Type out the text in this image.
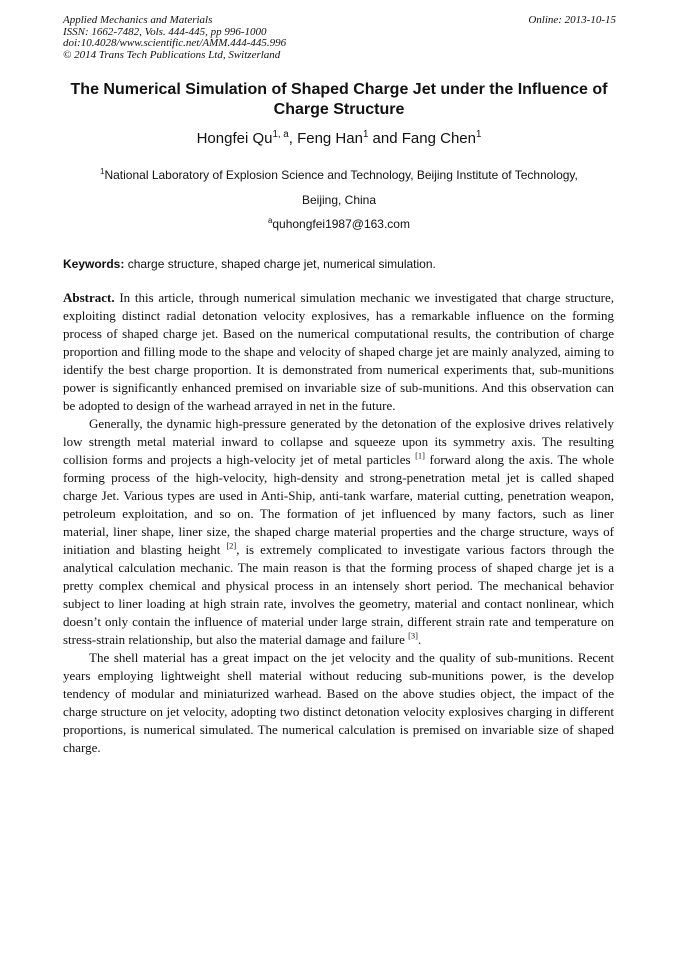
Applied Mechanics and Materials
ISSN: 1662-7482, Vols. 444-445, pp 996-1000
doi:10.4028/www.scientific.net/AMM.444-445.996
© 2014 Trans Tech Publications Ltd, Switzerland
Online: 2013-10-15
The Numerical Simulation of Shaped Charge Jet under the Influence of Charge Structure
Hongfei Qu$^{1, a}$, Feng Han$^1$ and Fang Chen$^1$
$^1$National Laboratory of Explosion Science and Technology, Beijing Institute of Technology,
Beijing, China
$^a$quhongfei1987@163.com
Keywords: charge structure, shaped charge jet, numerical simulation.

Abstract. In this article, through numerical simulation mechanic we investigated that charge structure, exploiting distinct radial detonation velocity explosives, has a remarkable influence on the forming process of shaped charge jet. Based on the numerical computational results, the contribution of charge proportion and filling mode to the shape and velocity of shaped charge jet are mainly analyzed, aiming to identify the best charge proportion. It is demonstrated from numerical experiments that, sub-munitions power is significantly enhanced premised on invariable size of sub-munitions. And this observation can be adopted to design of the warhead arrayed in net in the future.

Generally, the dynamic high-pressure generated by the detonation of the explosive drives relatively low strength metal material inward to collapse and squeeze upon its symmetry axis. The resulting collision forms and projects a high-velocity jet of metal particles [1] forward along the axis. The whole forming process of the high-velocity, high-density and strong-penetration metal jet is called shaped charge Jet. Various types are used in Anti-Ship, anti-tank warfare, material cutting, penetration weapon, petroleum exploitation, and so on. The formation of jet influenced by many factors, such as liner material, liner shape, liner size, the shaped charge material properties and the charge structure, ways of initiation and blasting height [2], is extremely complicated to investigate various factors through the analytical calculation mechanic. The main reason is that the forming process of shaped charge jet is a pretty complex chemical and physical process in an intensely short period. The mechanical behavior subject to liner loading at high strain rate, involves the geometry, material and contact nonlinear, which doesn’t only contain the influence of material under large strain, different strain rate and temperature on stress-strain relationship, but also the material damage and failure [3].

The shell material has a great impact on the jet velocity and the quality of sub-munitions. Recent years employing lightweight shell material without reducing sub-munitions power, is the develop tendency of modular and miniaturized warhead. Based on the above studies object, the impact of the charge structure on jet velocity, adopting two distinct detonation velocity explosives charging in different proportions, is numerical simulated. The numerical calculation is premised on invariable size of shaped charge.
